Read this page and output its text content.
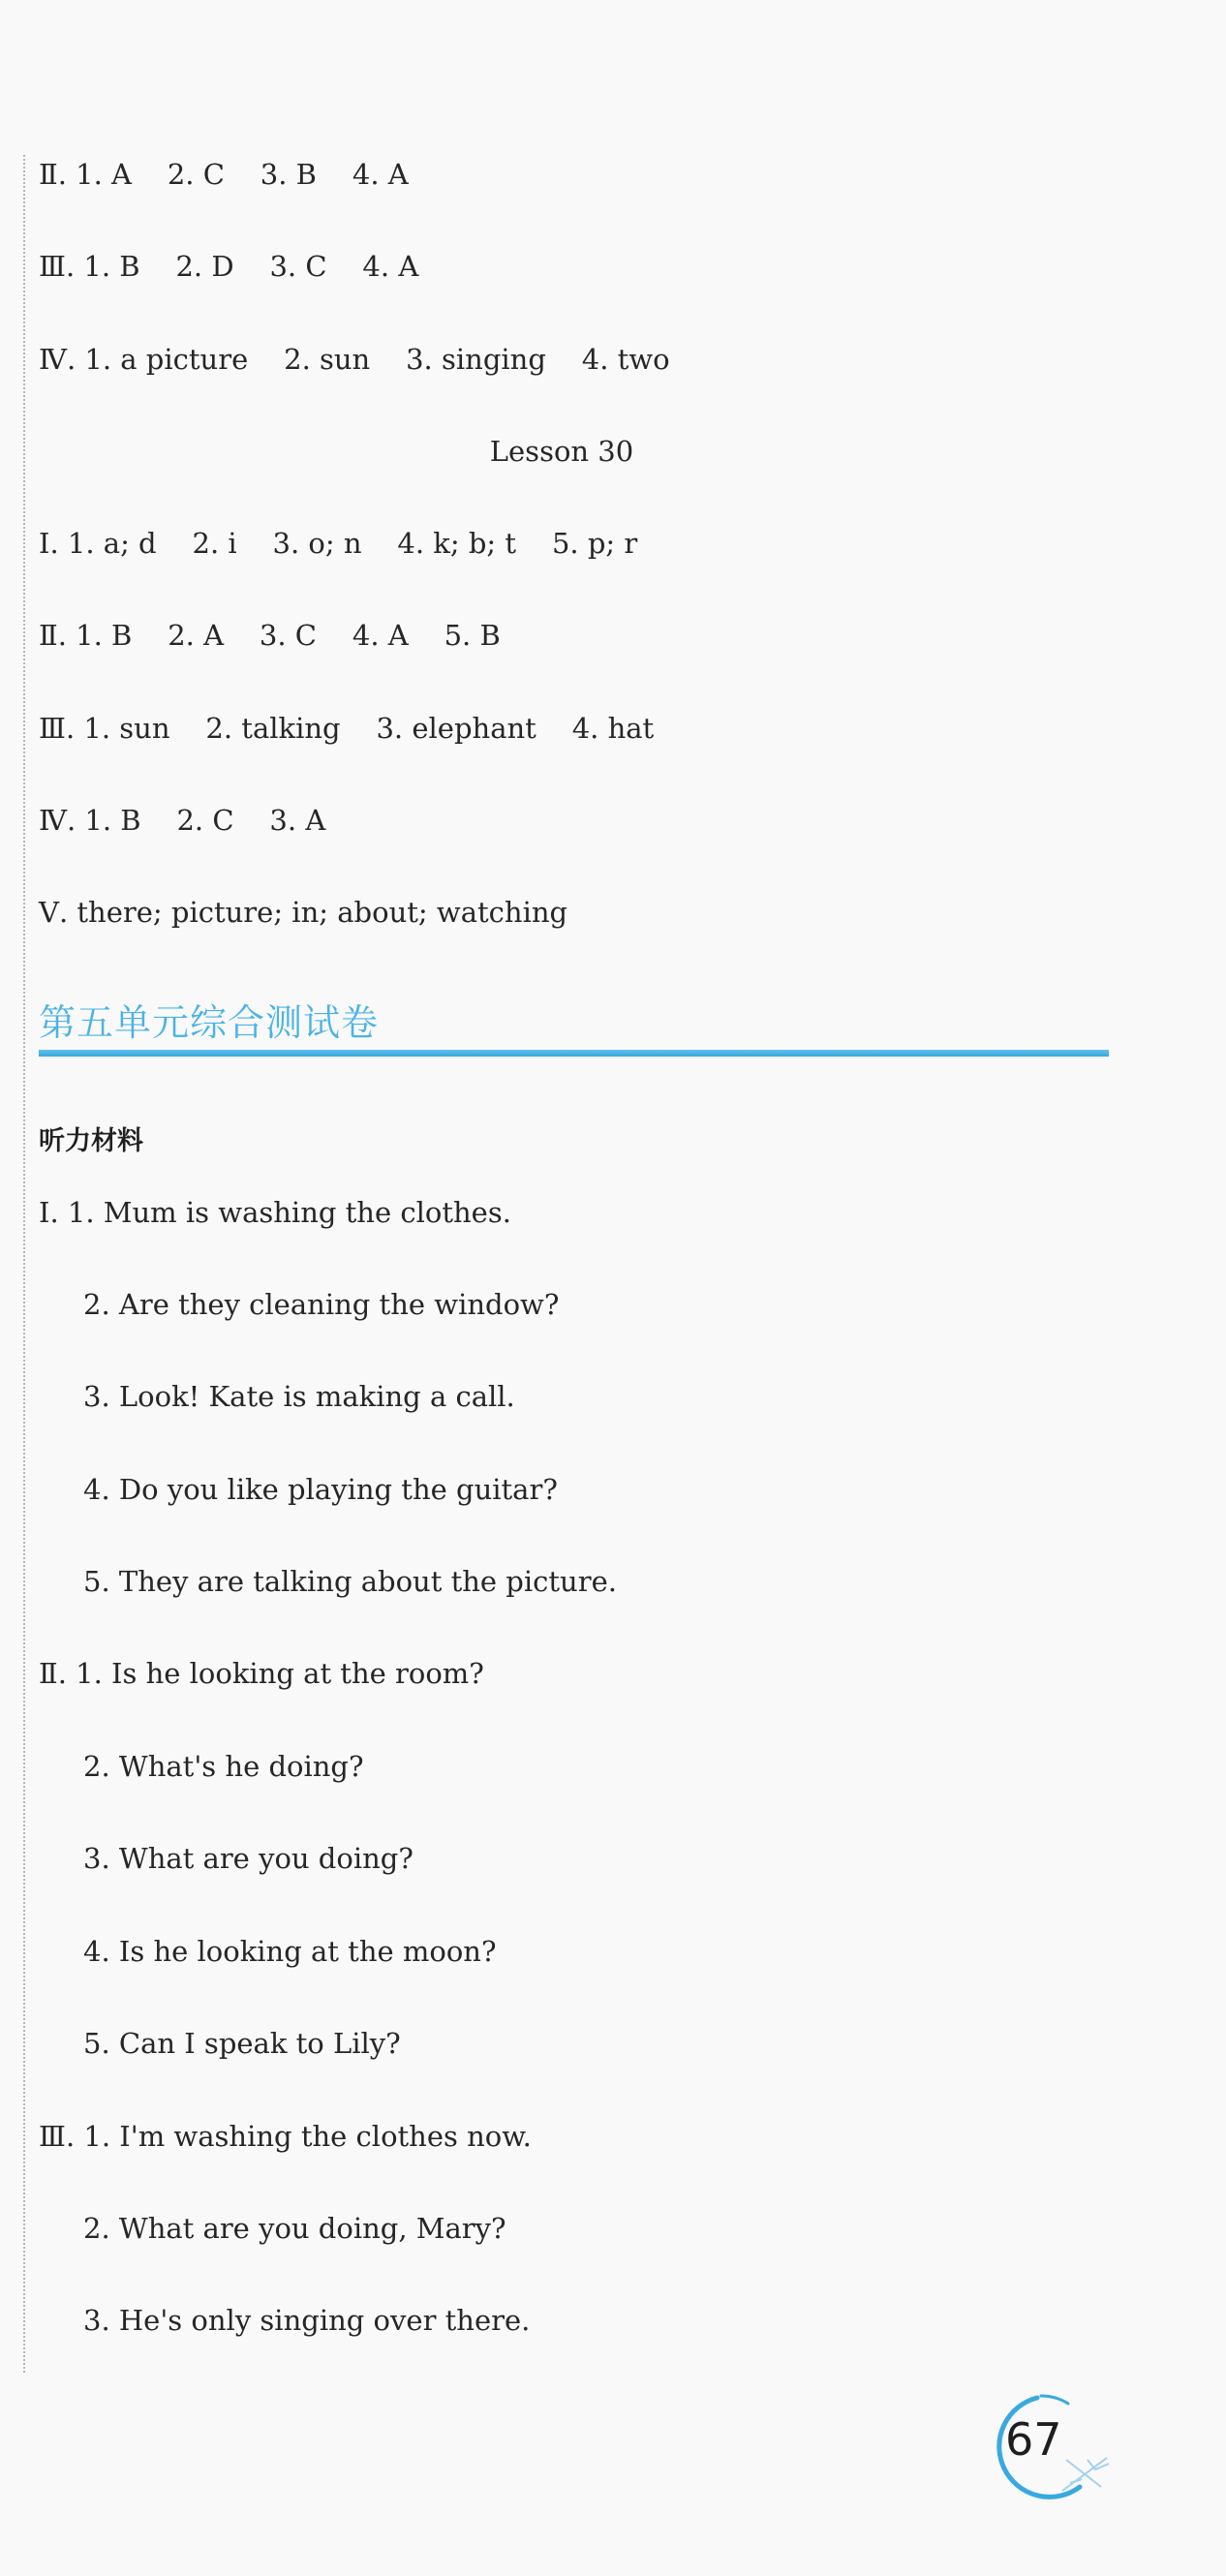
Ⅱ. 1. A    2. C    3. B    4. A
Ⅲ. 1. B    2. D    3. C    4. A
Ⅳ. 1. a picture    2. sun    3. singing    4. two
Lesson 30
Ⅰ. 1. a; d    2. i    3. o; n    4. k; b; t    5. p; r
Ⅱ. 1. B    2. A    3. C    4. A    5. B
Ⅲ. 1. sun    2. talking    3. elephant    4. hat
Ⅳ. 1. B    2. C    3. A
Ⅴ. there; picture; in; about; watching
第五单元综合测试卷
听力材料
Ⅰ. 1. Mum is washing the clothes.
2. Are they cleaning the window?
3. Look! Kate is making a call.
4. Do you like playing the guitar?
5. They are talking about the picture.
Ⅱ. 1. Is he looking at the room?
2. What's he doing?
3. What are you doing?
4. Is he looking at the moon?
5. Can I speak to Lily?
Ⅲ. 1. I'm washing the clothes now.
2. What are you doing, Mary?
3. He's only singing over there.
67
